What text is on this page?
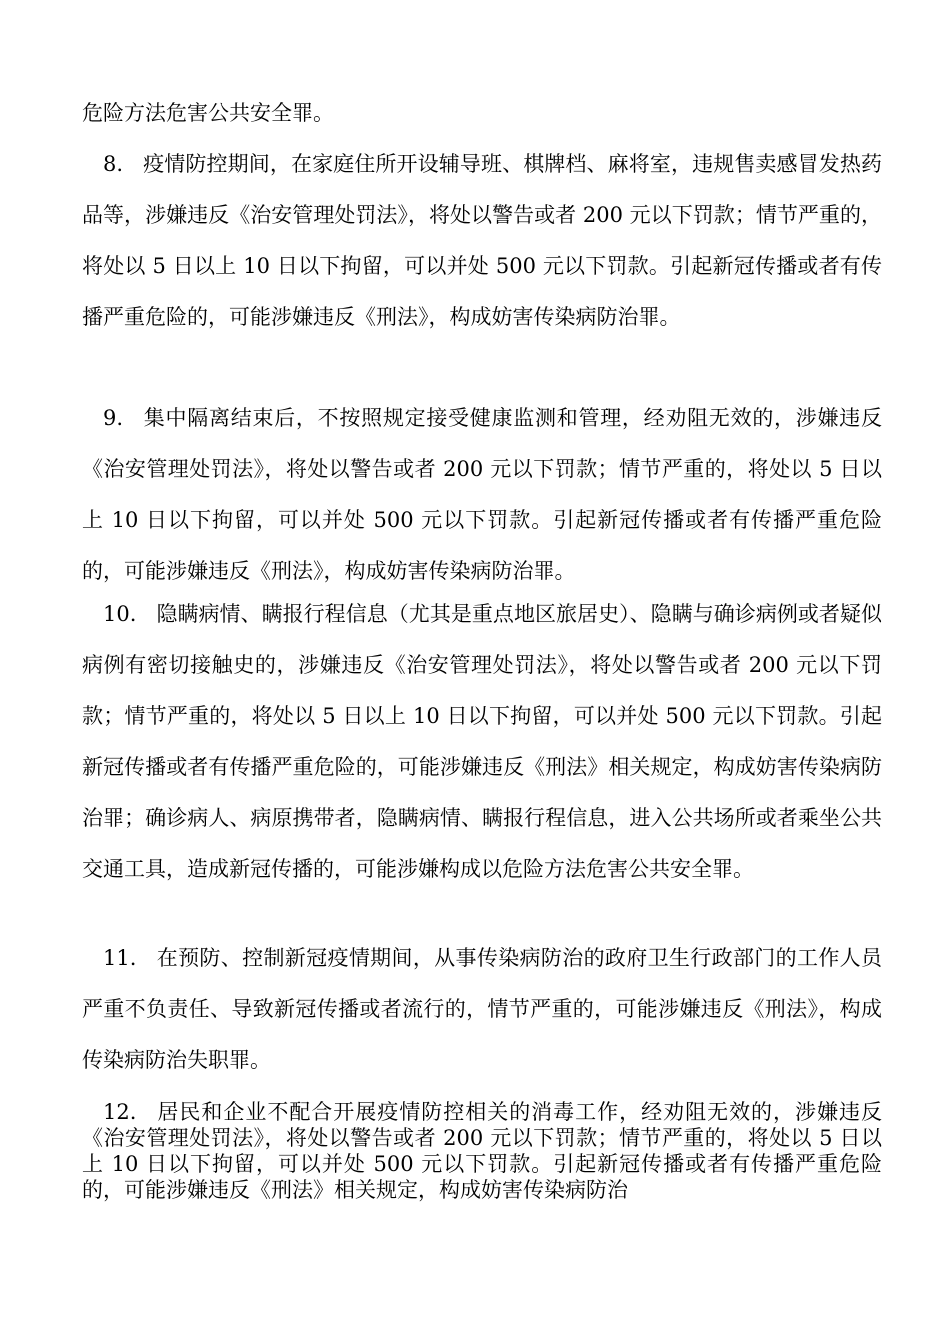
危险方法危害公共安全罪。

8. 疫情防控期间，在家庭住所开设辅导班、棋牌档、麻将室，违规售卖感冒发热药品等，涉嫌违反《治安管理处罚法》，将处以警告或者 200 元以下罚款；情节严重的，将处以 5 日以上 10 日以下拘留，可以并处 500 元以下罚款。引起新冠传播或者有传播严重危险的，可能涉嫌违反《刑法》，构成妨害传染病防治罪。

9. 集中隔离结束后，不按照规定接受健康监测和管理，经劝阻无效的，涉嫌违反《治安管理处罚法》，将处以警告或者 200 元以下罚款；情节严重的，将处以 5 日以上 10 日以下拘留，可以并处 500 元以下罚款。引起新冠传播或者有传播严重危险的，可能涉嫌违反《刑法》，构成妨害传染病防治罪。

10. 隐瞒病情、瞒报行程信息（尤其是重点地区旅居史）、隐瞒与确诊病例或者疑似病例有密切接触史的，涉嫌违反《治安管理处罚法》，将处以警告或者 200 元以下罚款；情节严重的，将处以 5 日以上 10 日以下拘留，可以并处 500 元以下罚款。引起新冠传播或者有传播严重危险的，可能涉嫌违反《刑法》相关规定，构成妨害传染病防治罪；确诊病人、病原携带者，隐瞒病情、瞒报行程信息，进入公共场所或者乘坐公共交通工具，造成新冠传播的，可能涉嫌构成以危险方法危害公共安全罪。

11. 在预防、控制新冠疫情期间，从事传染病防治的政府卫生行政部门的工作人员严重不负责任、导致新冠传播或者流行的，情节严重的，可能涉嫌违反《刑法》，构成传染病防治失职罪。

12. 居民和企业不配合开展疫情防控相关的消毒工作，经劝阻无效的，涉嫌违反《治安管理处罚法》，将处以警告或者 200 元以下罚款；情节严重的，将处以 5 日以上 10 日以下拘留，可以并处 500 元以下罚款。引起新冠传播或者有传播严重危险的，可能涉嫌违反《刑法》相关规定，构成妨害传染病防治
